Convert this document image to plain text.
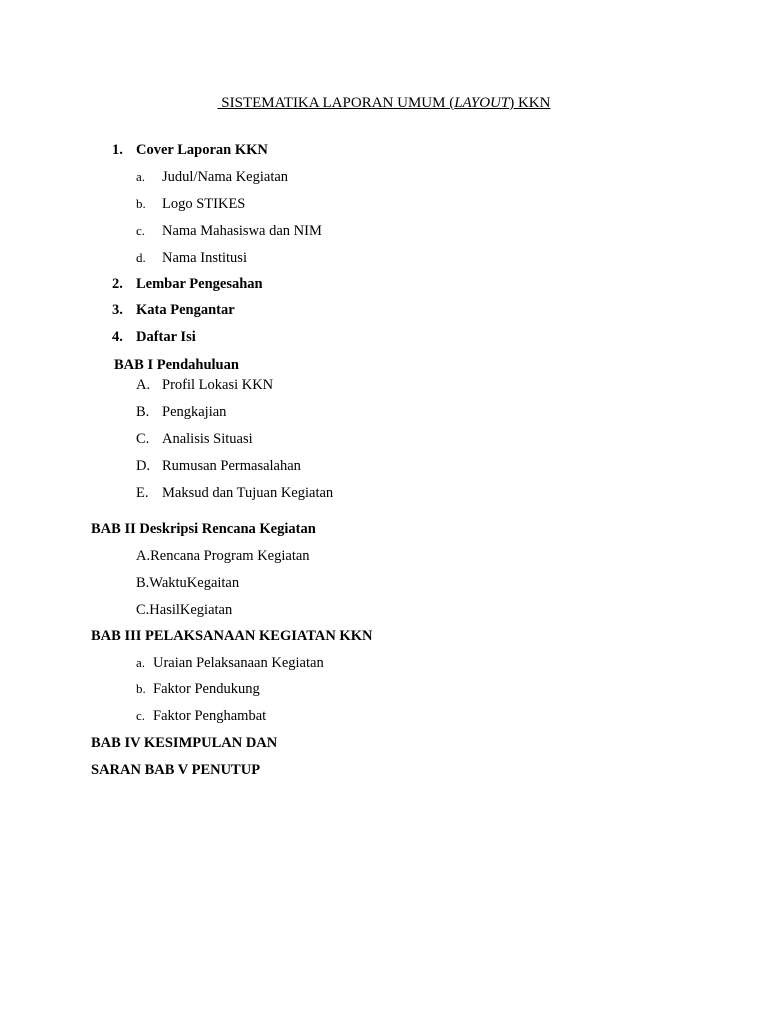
SISTEMATIKA LAPORAN UMUM (LAYOUT) KKN
1. Cover Laporan KKN
a. Judul/Nama Kegiatan
b. Logo STIKES
c. Nama Mahasiswa dan NIM
d. Nama Institusi
2. Lembar Pengesahan
3. Kata Pengantar
4. Daftar Isi
BAB I Pendahuluan
A. Profil Lokasi KKN
B. Pengkajian
C. Analisis Situasi
D. Rumusan Permasalahan
E. Maksud dan Tujuan Kegiatan
BAB II Deskripsi Rencana Kegiatan
A.Rencana Program Kegiatan
B.WaktuKegaitan
C.HasilKegiatan
BAB III PELAKSANAAN KEGIATAN KKN
a. Uraian Pelaksanaan Kegiatan
b. Faktor Pendukung
c. Faktor Penghambat
BAB IV KESIMPULAN DAN
SARAN BAB V PENUTUP
